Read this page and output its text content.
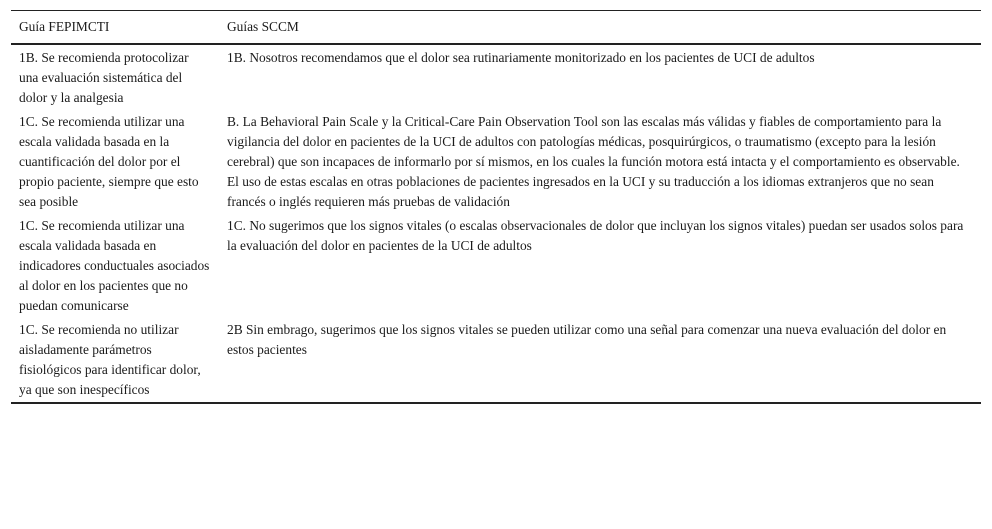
Guía FEPIMCTI	Guías SCCM
1B. Se recomienda protocolizar una evaluación sistemática del dolor y la analgesia	1B. Nosotros recomendamos que el dolor sea rutinariamente monitorizado en los pacientes de UCI de adultos
1C. Se recomienda utilizar una escala validada basada en la cuantificación del dolor por el propio paciente, siempre que esto sea posible	B. La Behavioral Pain Scale y la Critical-Care Pain Observation Tool son las escalas más válidas y fiables de comportamiento para la vigilancia del dolor en pacientes de la UCI de adultos con patologías médicas, posquirúrgicos, o traumatismo (excepto para la lesión cerebral) que son incapaces de informarlo por sí mismos, en los cuales la función motora está intacta y el comportamiento es observable. El uso de estas escalas en otras poblaciones de pacientes ingresados en la UCI y su traducción a los idiomas extranjeros que no sean francés o inglés requieren más pruebas de validación
1C. Se recomienda utilizar una escala validada basada en indicadores conductuales asociados al dolor en los pacientes que no puedan comunicarse	1C. No sugerimos que los signos vitales (o escalas observacionales de dolor que incluyan los signos vitales) puedan ser usados solos para la evaluación del dolor en pacientes de la UCI de adultos
1C. Se recomienda no utilizar aisladamente parámetros fisiológicos para identificar dolor, ya que son inespecíficos	2B Sin embrago, sugerimos que los signos vitales se pueden utilizar como una señal para comenzar una nueva evaluación del dolor en estos pacientes
